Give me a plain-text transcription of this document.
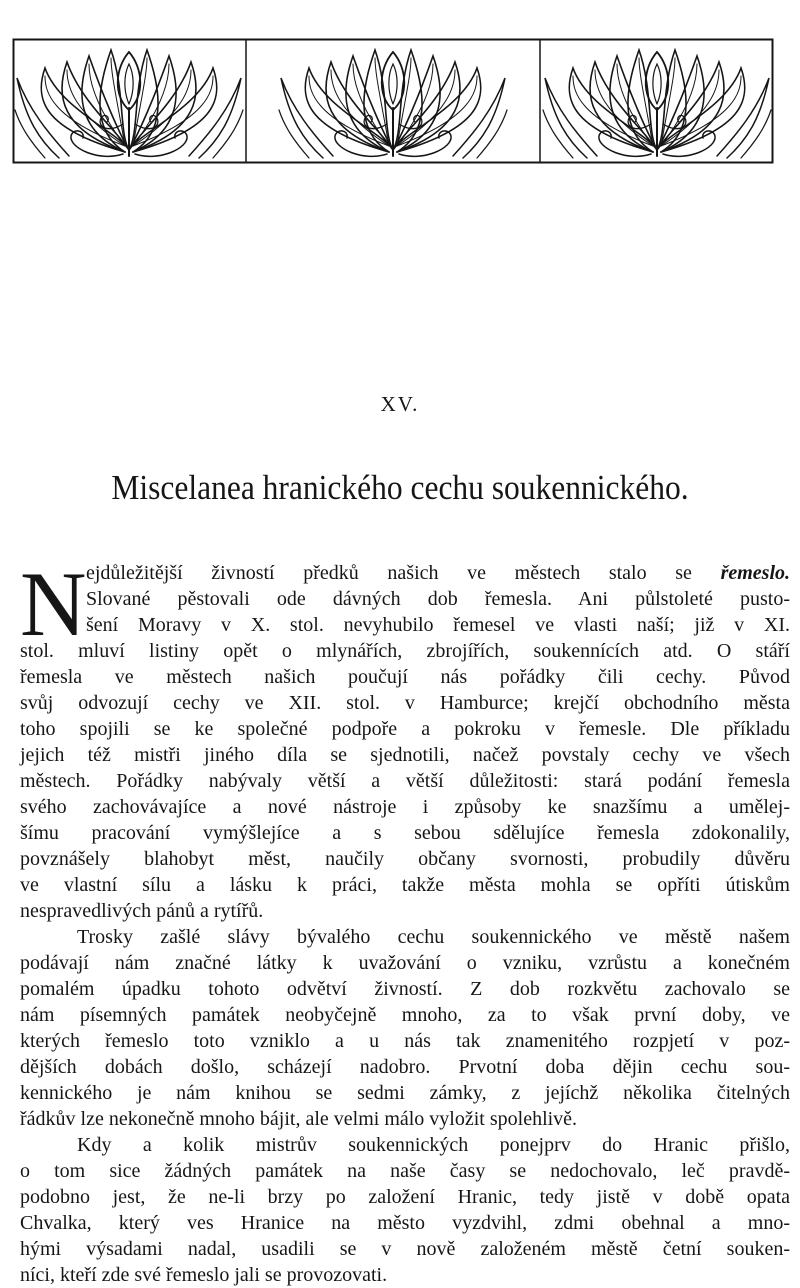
XV.
Miscelanea hranického cechu soukennického.
N ejdůležitější živností předků našich ve městech stalo se řemeslo.
Slované pěstovali ode dávných dob řemesla. Ani půlstoleté pusto-
šení Moravy v X. stol. nevyhubilo řemesel ve vlasti naší; již v XI.
stol. mluví listiny opět o mlynářích, zbrojířích, soukennících atd. O stáří
řemesla ve městech našich poučují nás pořádky čili cechy. Původ
svůj odvozují cechy ve XII. stol. v Hamburce; krejčí obchodního města
toho spojili se ke společné podpoře a pokroku v řemesle. Dle příkladu
jejich též mistři jiného díla se sjednotili, načež povstaly cechy ve všech
městech. Pořádky nabývaly větší a větší důležitosti: stará podání řemesla
svého zachovávajíce a nové nástroje i způsoby ke snazšímu a umělej-
šímu pracování vymýšlejíce a s sebou sdělujíce řemesla zdokonalily,
povznášely blahobyt měst, naučily občany svornosti, probudily důvěru
ve vlastní sílu a lásku k práci, takže města mohla se opříti útiskům
nespravedlivých pánů a rytířů.
Trosky zašlé slávy bývalého cechu soukennického ve městě našem
podávají nám značné látky k uvažování o vzniku, vzrůstu a konečném
pomalém úpadku tohoto odvětví živností. Z dob rozkvětu zachovalo se
nám písemných památek neobyčejně mnoho, za to však první doby, ve
kterých řemeslo toto vzniklo a u nás tak znamenitého rozpjetí v poz-
dějších dobách došlo, scházejí nadobro. Prvotní doba dějin cechu sou-
kennického je nám knihou se sedmi zámky, z jejíchž několika čitelných
řádkův lze nekonečně mnoho bájit, ale velmi málo vyložit spolehlivě.
Kdy a kolik mistrův soukennických ponejprv do Hranic přišlo,
o tom sice žádných památek na naše časy se nedochovalo, leč pravdě-
podobno jest, že ne-li brzy po založení Hranic, tedy jistě v době opata
Chvalka, který ves Hranice na město vyzdvihl, zdmi obehnal a mno-
hými výsadami nadal, usadili se v nově založeném městě četní souken-
níci, kteří zde své řemeslo jali se provozovati.
